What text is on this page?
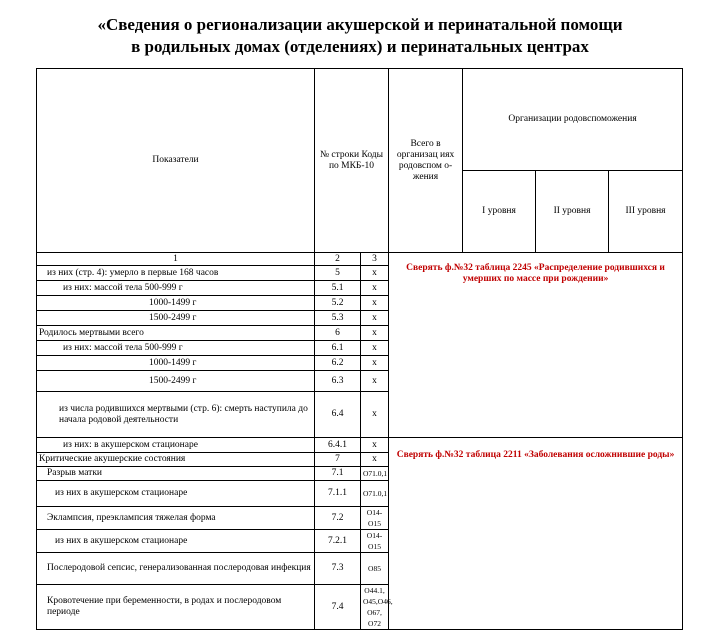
«Сведения о регионализации акушерской и перинатальной помощи
в родильных домах (отделениях) и перинатальных центрах
Показатели	№ строки Коды по МКБ-10		Всего в организац иях родовспом о-жения	Организации родовспоможения		
				I уровня	II уровня	III уровня
1	2	3	Сверять ф.№32 таблица 2245 «Распределение родившихся и умерших по массе при рождении»			
из них (стр. 4): умерло в первые 168 часов	5	х				
из них: массой тела 500-999 г	5.1	х				
1000-1499 г	5.2	х				
1500-2499 г	5.3	х				
Родилось мертвыми всего	6	х				
из них: массой тела 500-999 г	6.1	х				
1000-1499 г	6.2	х				
1500-2499 г	6.3	х				
из числа родившихся мертвыми (стр. 6): смерть наступила до начала родовой деятельности	6.4	х				
из них: в акушерском стационаре	6.4.1	х	Сверять ф.№32 таблица 2211 «Заболевания осложнившие роды»			
Критические акушерские состояния	7	х				
Разрыв матки	7.1	О71.0,1				
из них в акушерском стационаре	7.1.1	О71.0,1				
Эклампсия, преэклампсия тяжелая форма	7.2	О14-О15				
из них в акушерском стационаре	7.2.1	О14-О15				
Послеродовой сепсис, генерализованная послеродовая инфекция	7.3	О85				
Кровотечение при беременности, в родах и послеродовом периоде	7.4	О44.1, О45,О46, О67, О72				
